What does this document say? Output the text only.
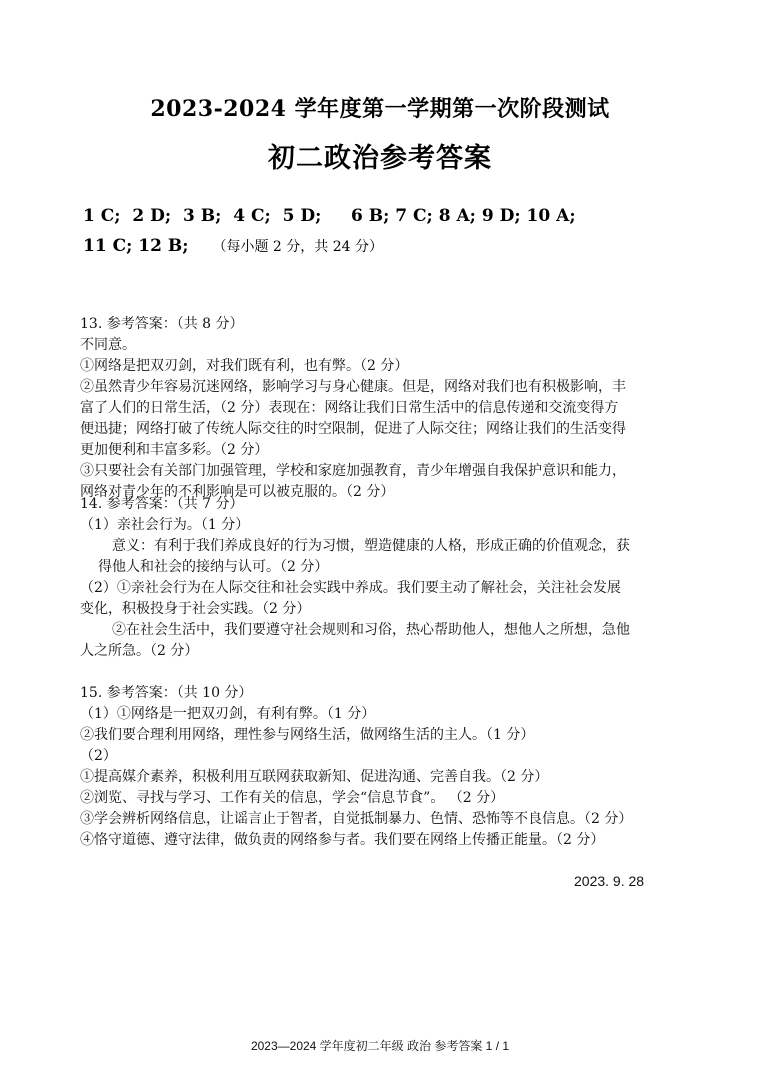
2023-2024 学年度第一学期第一次阶段测试
初二政治参考答案
1 C;  2 D;  3 B;  4 C;  5 D;     6 B; 7 C; 8 A; 9 D; 10 A;
11 C; 12 B; （每小题 2 分，共 24 分）
13. 参考答案：（共 8 分）
不同意。
①网络是把双刃剑，对我们既有利，也有弊。（2 分）
②虽然青少年容易沉迷网络，影响学习与身心健康。但是，网络对我们也有积极影响，丰
富了人们的日常生活，（2 分）表现在：网络让我们日常生活中的信息传递和交流变得方
便迅捷；网络打破了传统人际交往的时空限制，促进了人际交往；网络让我们的生活变得
更加便利和丰富多彩。（2 分）
③只要社会有关部门加强管理，学校和家庭加强教育，青少年增强自我保护意识和能力，
网络对青少年的不利影响是可以被克服的。（2 分）
14. 参考答案：（共 7 分）
（1）亲社会行为。（1 分）
意义：有利于我们养成良好的行为习惯，塑造健康的人格，形成正确的价值观念，获
得他人和社会的接纳与认可。（2 分）
（2）①亲社会行为在人际交往和社会实践中养成。我们要主动了解社会，关注社会发展
变化，积极投身于社会实践。（2 分）
②在社会生活中，我们要遵守社会规则和习俗，热心帮助他人，想他人之所想，急他
人之所急。（2 分）
15. 参考答案：（共 10 分）
（1）①网络是一把双刃剑，有利有弊。（1 分）
②我们要合理利用网络，理性参与网络生活，做网络生活的主人。（1 分）
（2）
①提高媒介素养，积极利用互联网获取新知、促进沟通、完善自我。（2 分）
②浏览、寻找与学习、工作有关的信息，学会“信息节食”。 （2 分）
③学会辨析网络信息，让谣言止于智者，自觉抵制暴力、色情、恐怖等不良信息。（2 分）
④恪守道德、遵守法律，做负责的网络参与者。我们要在网络上传播正能量。（2 分）
2023. 9. 28
2023—2024 学年度初二年级 政治 参考答案 1 / 1
